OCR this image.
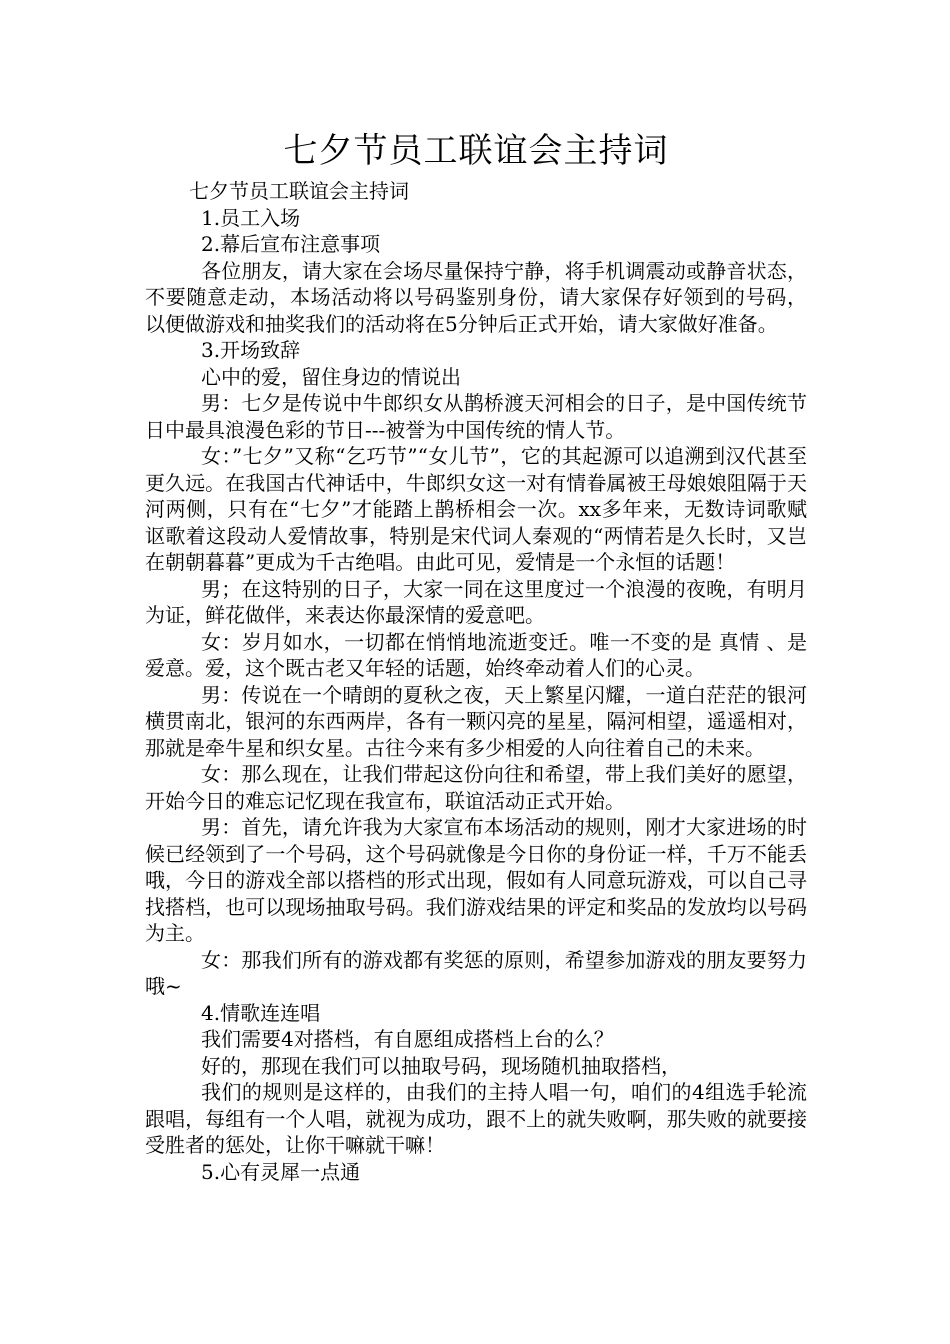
七夕节员工联谊会主持词

七夕节员工联谊会主持词

1.员工入场

2.幕后宣布注意事项

各位朋友，请大家在会场尽量保持宁静，将手机调震动或静音状态，不要随意走动，本场活动将以号码鉴别身份，请大家保存好领到的号码， 以便做游戏和抽奖我们的活动将在5分钟后正式开始，请大家做好准备。

3.开场致辞

心中的爱，留住身边的情说出

男：七夕是传说中牛郎织女从鹊桥渡天河相会的日子，是中国传统节日中最具浪漫色彩的节日---被誉为中国传统的情人节。

女：”七夕”又称“乞巧节”“女儿节”，它的其起源可以追溯到汉代甚至更久远。在我国古代神话中，牛郎织女这一对有情眷属被王母娘娘阻隔于天河两侧，只有在“七夕”才能踏上鹊桥相会一次。xx多年来，无数诗词歌赋讴歌着这段动人爱情故事，特别是宋代词人秦观的“两情若是久长时，又岂在朝朝暮暮”更成为千古绝唱。由此可见，爱情是一个永恒的话题！

男；在这特别的日子，大家一同在这里度过一个浪漫的夜晚，有明月为证，鲜花做伴，来表达你最深情的爱意吧。

女：岁月如水，一切都在悄悄地流逝变迁。唯一不变的是 真情 、是爱意。爱，这个既古老又年轻的话题，始终牵动着人们的心灵。

男：传说在一个晴朗的夏秋之夜，天上繁星闪耀，一道白茫茫的银河横贯南北，银河的东西两岸，各有一颗闪亮的星星，隔河相望，遥遥相对，那就是牵牛星和织女星。古往今来有多少相爱的人向往着自己的未来。

女：那么现在，让我们带起这份向往和希望，带上我们美好的愿望，开始今日的难忘记忆现在我宣布，联谊活动正式开始。

男：首先，请允许我为大家宣布本场活动的规则，刚才大家进场的时候已经领到了一个号码，这个号码就像是今日你的身份证一样，千万不能丢哦，今日的游戏全部以搭档的形式出现，假如有人同意玩游戏，可以自己寻找搭档，也可以现场抽取号码。我们游戏结果的评定和奖品的发放均以号码为主。

女：那我们所有的游戏都有奖惩的原则，希望参加游戏的朋友要努力哦~

4.情歌连连唱

我们需要4对搭档，有自愿组成搭档上台的么？

好的，那现在我们可以抽取号码，现场随机抽取搭档，

我们的规则是这样的，由我们的主持人唱一句，咱们的4组选手轮流跟唱，每组有一个人唱，就视为成功，跟不上的就失败啊，那失败的就要接受胜者的惩处，让你干嘛就干嘛！

5.心有灵犀一点通
